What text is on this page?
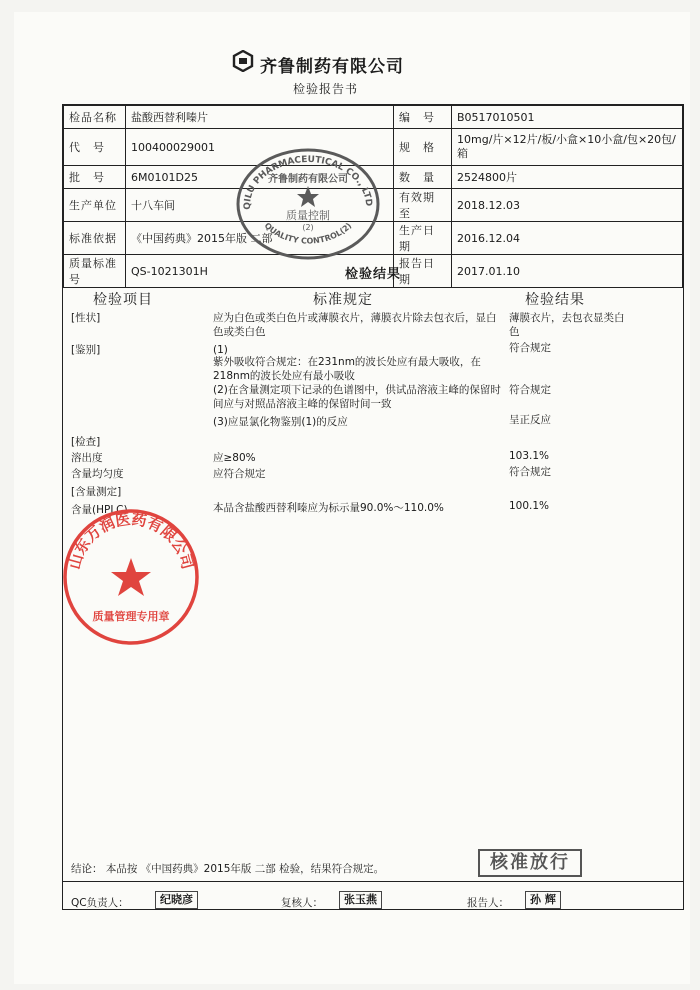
齐鲁制药有限公司
检验报告书
检品名称	盐酸西替利嗪片	编　号	B0517010501
代　号	100400029001	规　格	10mg/片×12片/板/小盒×10小盒/包×20包/箱
批　号	6M0101D25	数　量	2524800片
生产单位	十八车间	有效期至	2018.12.03
标准依据	《中国药典》2015年版 二部	生产日期	2016.12.04
质量标准号	QS-1021301H	报告日期	2017.01.10
检验结果
检验项目	标准规定	检验结果
[性状]	应为白色或类白色片或薄膜衣片，薄膜衣片除去包衣后，显白色或类白色
薄膜衣片，去包衣显类白色
[鉴别]	(1)	符合规定
紫外吸收符合规定：在231nm的波长处应有最大吸收，在218nm的波长处应有最小吸收
(2)在含量测定项下记录的色谱图中，供试品溶液主峰的保留时间应与对照品溶液主峰的保留时间一致
符合规定
(3)应显氯化物鉴别(1)的反应	呈正反应
[检查]
溶出度	应≥80%	103.1%
含量均匀度	应符合规定	符合规定
[含量测定]
含量(HPLC)	本品含盐酸西替利嗪应为标示量90.0%～110.0%	100.1%
结论： 本品按 《中国药典》2015年版 二部 检验，结果符合规定。	核准放行
QC负责人：	纪晓彦	复核人：	张玉燕	报告人：	孙 辉
QILU PHARMACEUTICAL CO., LTD
QUALITY CONTROL(2)
齐鲁制药有限公司
质量控制
(2)
山东万润医药有限公司
质量管理专用章
